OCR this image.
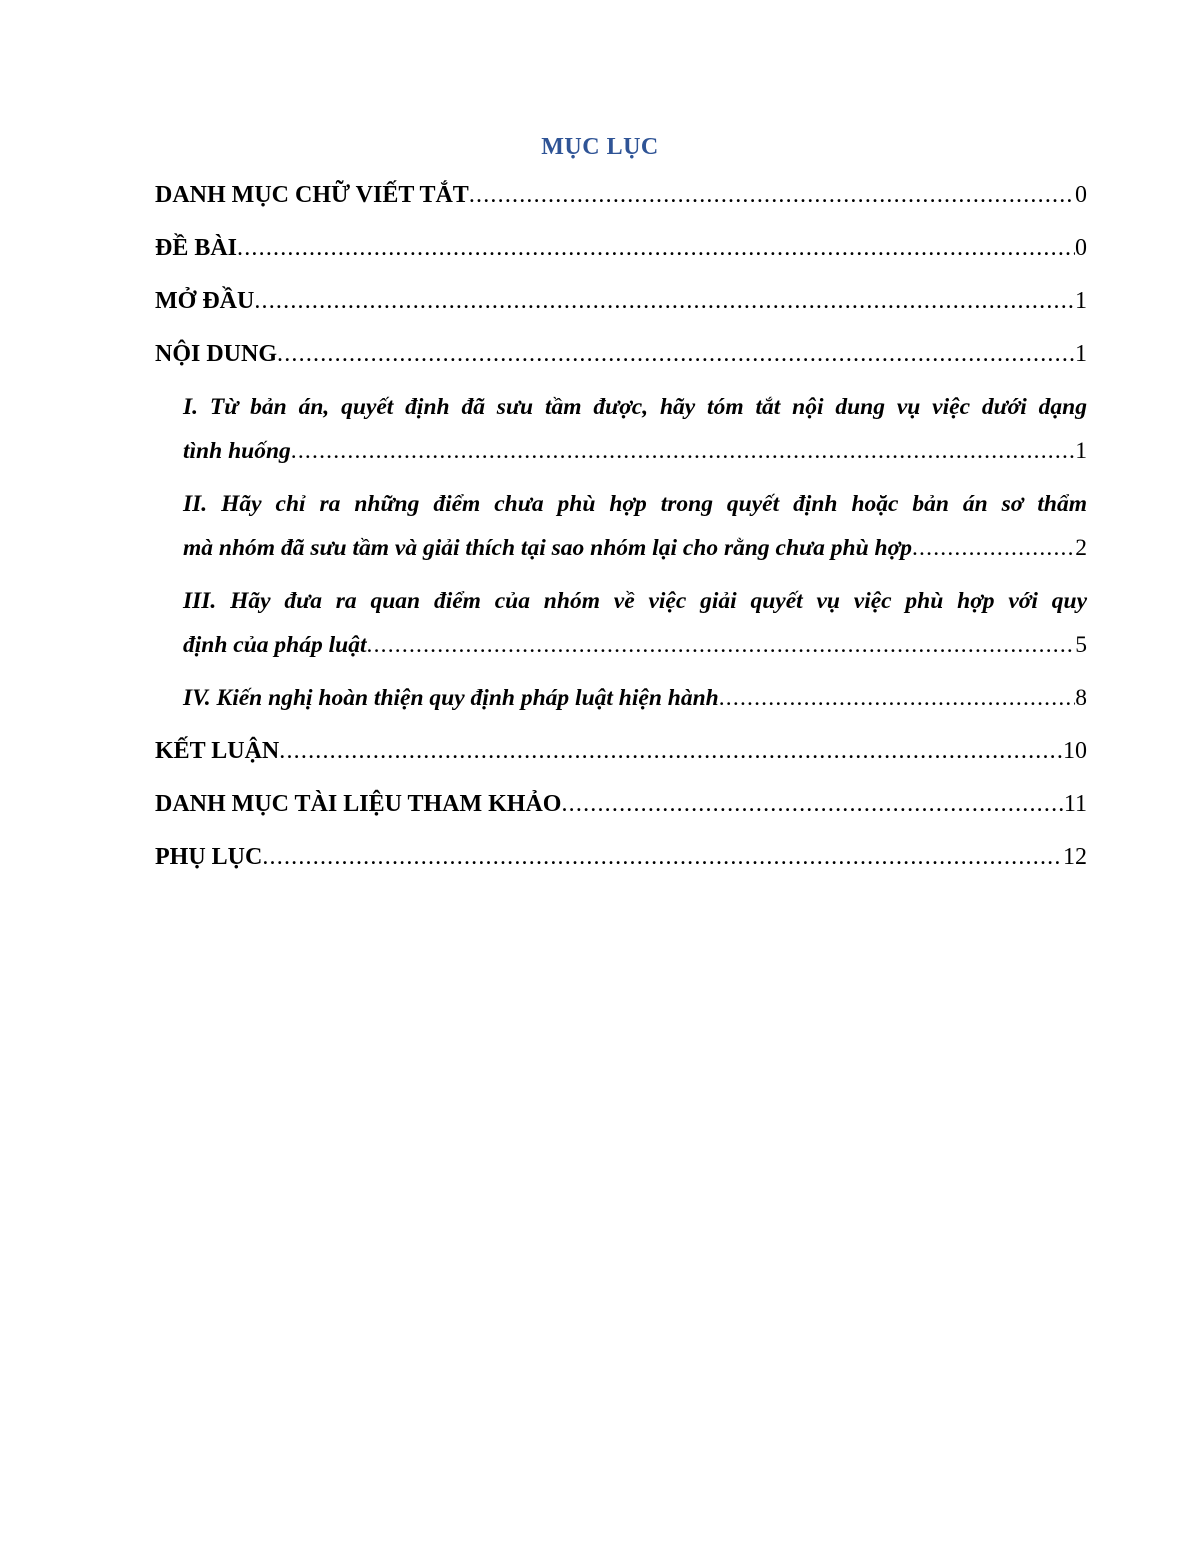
MỤC LỤC
DANH MỤC CHỮ VIẾT TẮT .....	0
ĐỀ BÀI .....	0
MỞ ĐẦU .....	1
NỘI DUNG .....	1
I. Từ bản án, quyết định đã sưu tầm được, hãy tóm tắt nội dung vụ việc dưới dạng
tình huống .....	1
II. Hãy chỉ ra những điểm chưa phù hợp trong quyết định hoặc bản án sơ thẩm
mà nhóm đã sưu tầm và giải thích tại sao nhóm lại cho rằng chưa phù hợp .....	2
III. Hãy đưa ra quan điểm của nhóm về việc giải quyết vụ việc phù hợp với quy
định của pháp luật .....	5
IV. Kiến nghị hoàn thiện quy định pháp luật hiện hành .....	8
KẾT LUẬN .....	10
DANH MỤC TÀI LIỆU THAM KHẢO .....	11
PHỤ LỤC .....	12
